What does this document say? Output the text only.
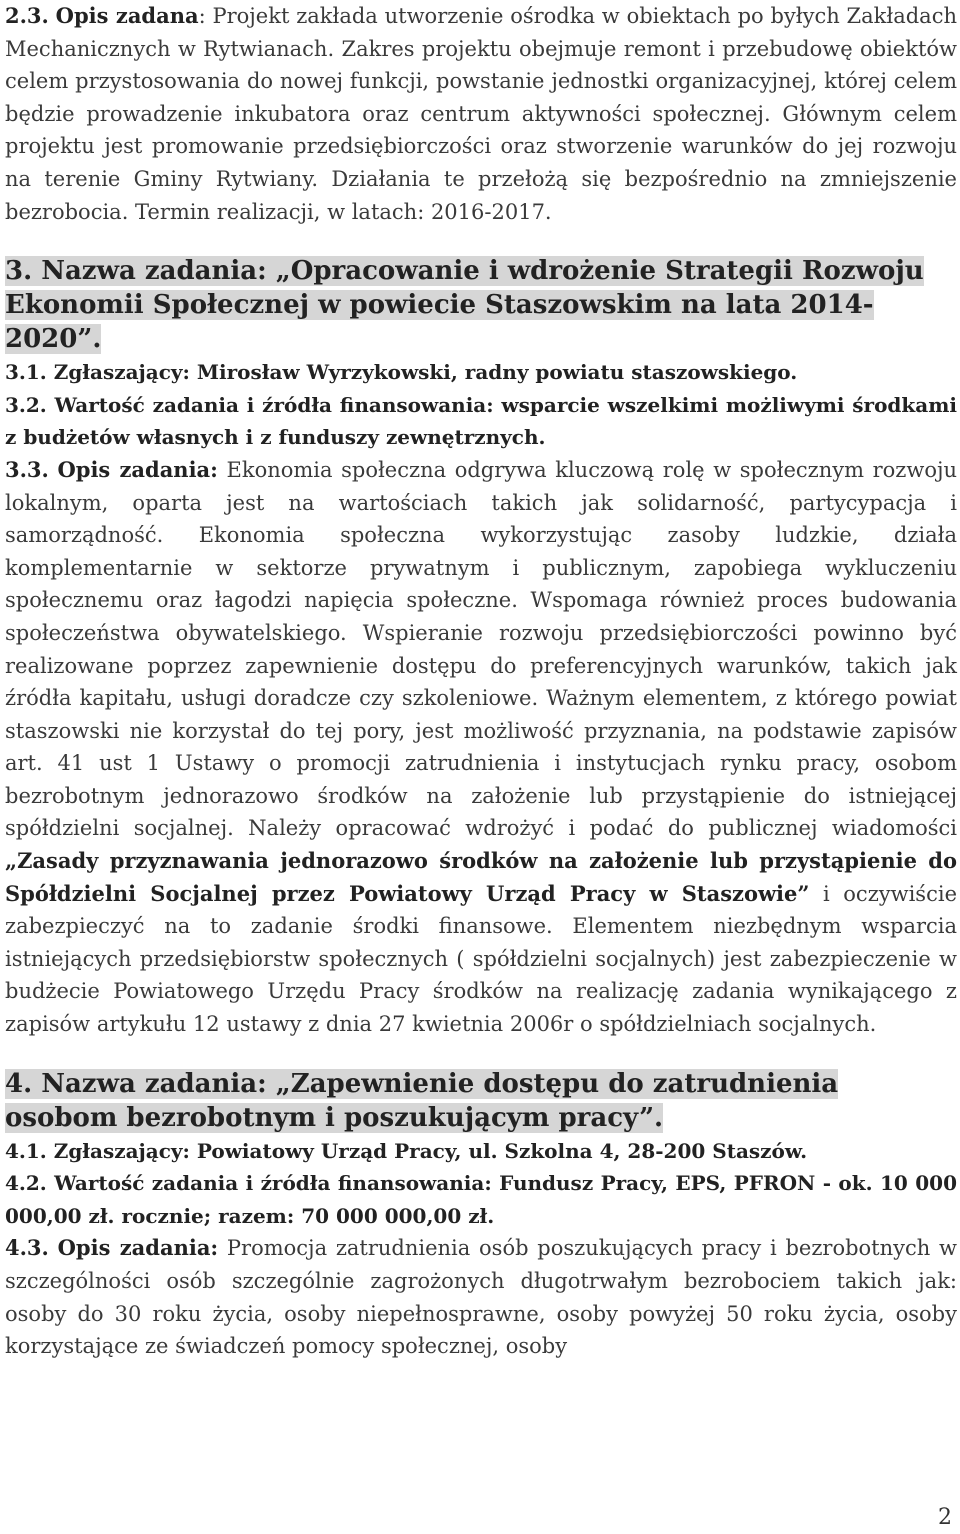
2.3. Opis zadana: Projekt zakłada utworzenie ośrodka w obiektach po byłych Zakładach Mechanicznych w Rytwianach. Zakres projektu obejmuje remont i przebudowę obiektów celem przystosowania do nowej funkcji, powstanie jednostki organizacyjnej, której celem będzie prowadzenie inkubatora oraz centrum aktywności społecznej. Głównym celem projektu jest promowanie przedsiębiorczości oraz stworzenie warunków do jej rozwoju na terenie Gminy Rytwiany. Działania te przełożą się bezpośrednio na zmniejszenie bezrobocia. Termin realizacji, w latach: 2016-2017.

3. Nazwa zadania: „Opracowanie i wdrożenie Strategii Rozwoju Ekonomii Społecznej w powiecie Staszowskim na lata 2014-2020”.

3.1. Zgłaszający: Mirosław Wyrzykowski, radny powiatu staszowskiego.

3.2. Wartość zadania i źródła finansowania: wsparcie wszelkimi możliwymi środkami z budżetów własnych i z funduszy zewnętrznych.

3.3. Opis zadania: Ekonomia społeczna odgrywa kluczową rolę w społecznym rozwoju lokalnym, oparta jest na wartościach takich jak solidarność, partycypacja i samorządność. Ekonomia społeczna wykorzystując zasoby ludzkie, działa komplementarnie w sektorze prywatnym i publicznym, zapobiega wykluczeniu społecznemu oraz łagodzi napięcia społeczne. Wspomaga również proces budowania społeczeństwa obywatelskiego. Wspieranie rozwoju przedsiębiorczości powinno być realizowane poprzez zapewnienie dostępu do preferencyjnych warunków, takich jak źródła kapitału, usługi doradcze czy szkoleniowe. Ważnym elementem, z którego powiat staszowski nie korzystał do tej pory, jest możliwość przyznania, na podstawie zapisów art. 41 ust 1 Ustawy o promocji zatrudnienia i instytucjach rynku pracy, osobom bezrobotnym jednorazowo środków na założenie lub przystąpienie do istniejącej spółdzielni socjalnej. Należy opracować wdrożyć i podać do publicznej wiadomości „Zasady przyznawania jednorazowo środków na założenie lub przystąpienie do Spółdzielni Socjalnej przez Powiatowy Urząd Pracy w Staszowie” i oczywiście zabezpieczyć na to zadanie środki finansowe. Elementem niezbędnym wsparcia istniejących przedsiębiorstw społecznych ( spółdzielni socjalnych) jest zabezpieczenie w budżecie Powiatowego Urzędu Pracy środków na realizację zadania wynikającego z zapisów artykułu 12 ustawy z dnia 27 kwietnia 2006r o spółdzielniach socjalnych.

4. Nazwa zadania: „Zapewnienie dostępu do zatrudnienia osobom bezrobotnym i poszukującym pracy”.

4.1. Zgłaszający: Powiatowy Urząd Pracy, ul. Szkolna 4, 28-200 Staszów.

4.2. Wartość zadania i źródła finansowania: Fundusz Pracy, EPS, PFRON - ok. 10 000 000,00 zł. rocznie; razem: 70 000 000,00 zł.

4.3. Opis zadania: Promocja zatrudnienia osób poszukujących pracy i bezrobotnych w szczególności osób szczególnie zagrożonych długotrwałym bezrobociem takich jak: osoby do 30 roku życia, osoby niepełnosprawne, osoby powyżej 50 roku życia, osoby korzystające ze świadczeń pomocy społecznej, osoby

2
